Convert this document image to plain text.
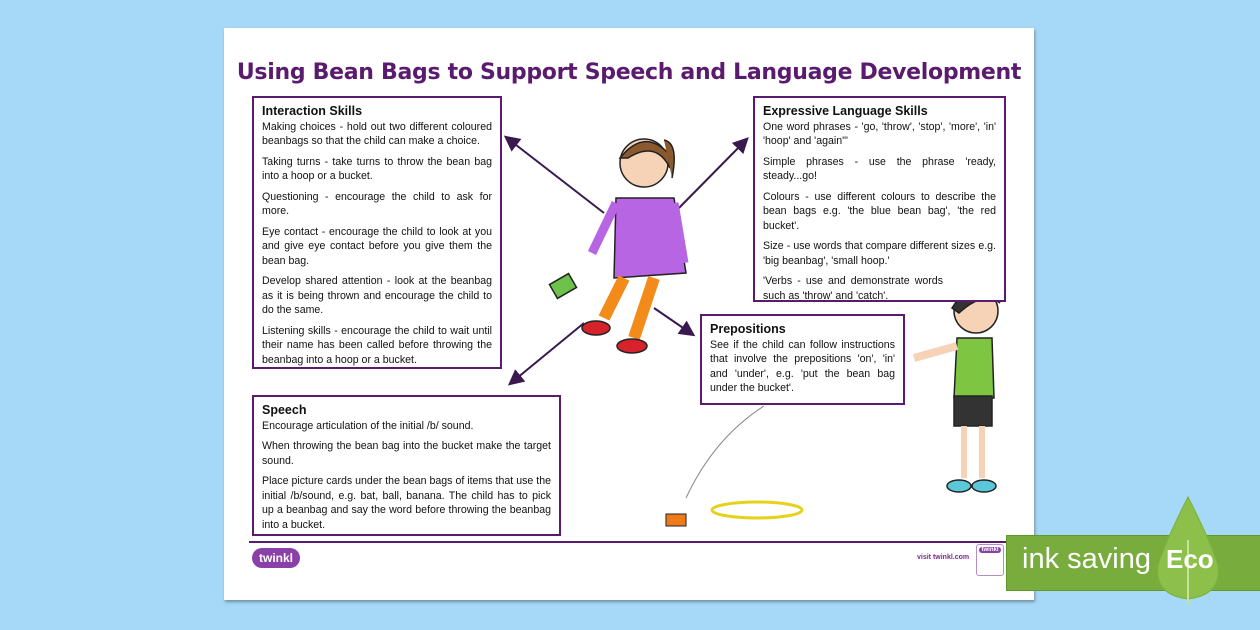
Using Bean Bags to Support Speech and Language Development
Interaction Skills

Making choices - hold out two different coloured beanbags so that the child can make a choice.

Taking turns - take turns to throw the bean bag into a hoop or a bucket.

Questioning - encourage the child to ask for more.

Eye contact - encourage the child to look at you and give eye contact before you give them the bean bag.

Develop shared attention - look at the beanbag as it is being thrown and encourage the child to do the same.

Listening skills - encourage the child to wait until their name has been called before throwing the beanbag into a hoop or a bucket.

Expressive Language Skills

One word phrases - 'go, 'throw', 'stop', 'more', 'in' 'hoop' and 'again'"

Simple phrases - use the phrase 'ready, steady...go!

Colours - use different colours to describe the bean bags e.g. 'the blue bean bag', 'the red bucket'.

Size - use words that compare different sizes e.g. 'big beanbag', 'small hoop.'

'Verbs - use and demonstrate words such as 'throw' and 'catch'.

Prepositions

See if the child can follow instructions that involve the prepositions 'on', 'in' and 'under', e.g. 'put the bean bag under the bucket'.

Speech

Encourage articulation of the initial /b/ sound.

When throwing the bean bag into the bucket make the target sound.

Place picture cards under the bean bags of items that use the initial /b/sound, e.g. bat, ball, banana. The child has to pick up a beanbag and say the word before throwing the beanbag into a bucket.

twinkl	visit twinkl.com
twinkl ink saving Eco
